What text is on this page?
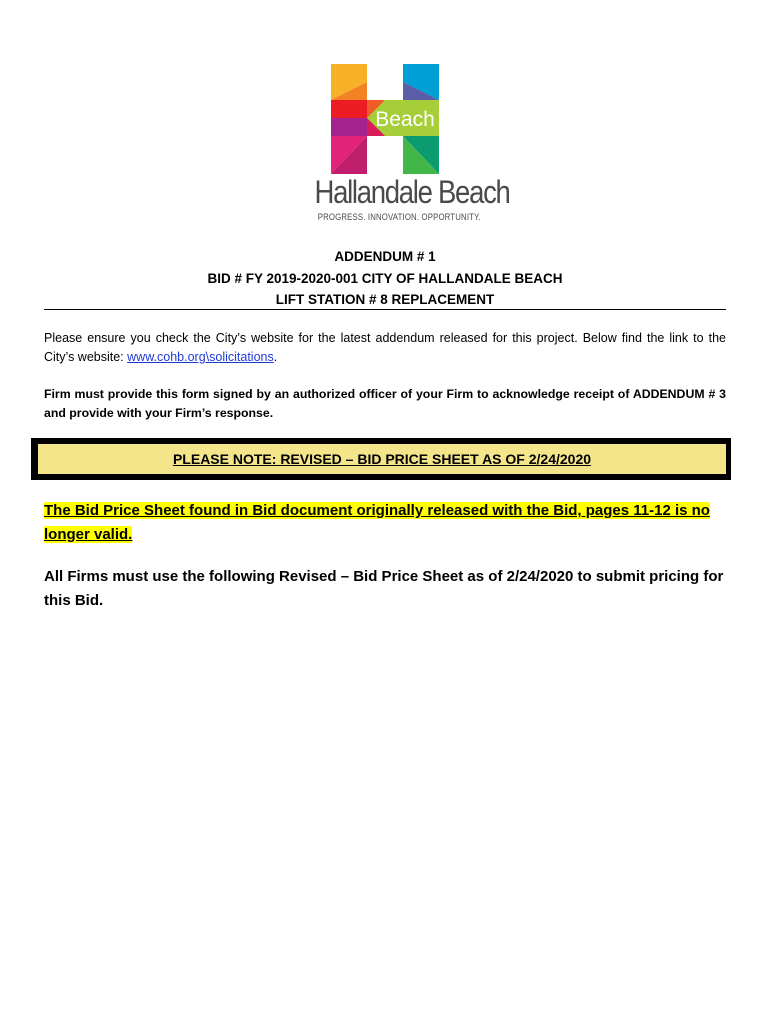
Beach
Hallandale Beach
PROGRESS. INNOVATION. OPPORTUNITY.
ADDENDUM # 1
BID # FY 2019-2020-001 CITY OF HALLANDALE BEACH
LIFT STATION # 8 REPLACEMENT
Please ensure you check the City’s website for the latest addendum released for this project. Below find the link to the City’s website: www.cohb.org\solicitations.
Firm must provide this form signed by an authorized officer of your Firm to acknowledge receipt of ADDENDUM # 3 and provide with your Firm’s response.
PLEASE NOTE: REVISED – BID PRICE SHEET AS OF 2/24/2020
The Bid Price Sheet found in Bid document originally released with the Bid, pages 11-12 is no longer valid.
All Firms must use the following Revised – Bid Price Sheet as of 2/24/2020 to submit pricing for this Bid.
